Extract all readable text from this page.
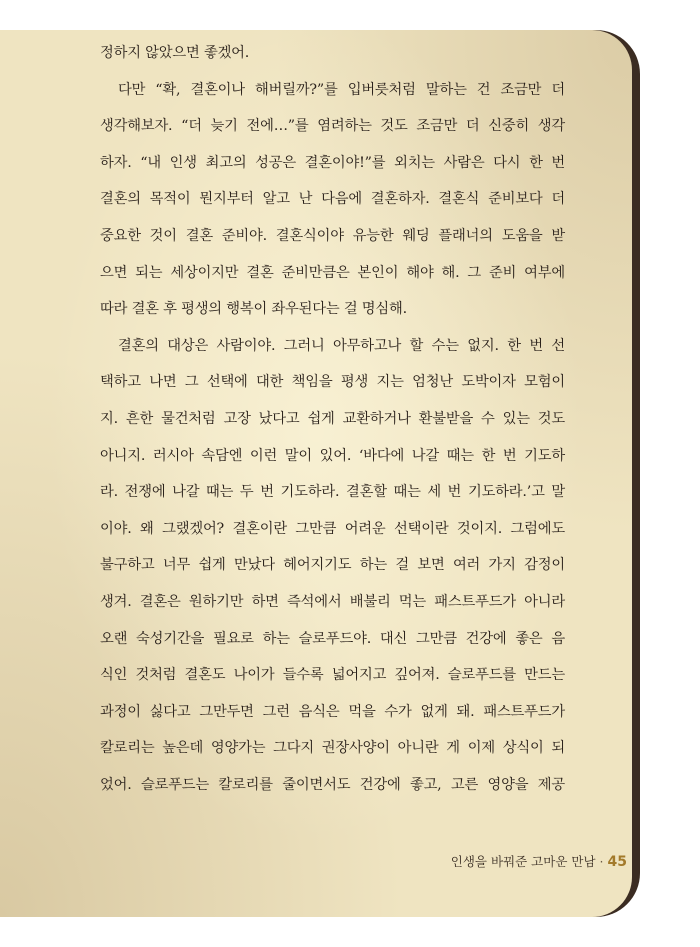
정하지 않았으면 좋겠어.
다만 “확, 결혼이나 해버릴까?”를 입버릇처럼 말하는 건 조금만 더
생각해보자. “더 늦기 전에…”를 염려하는 것도 조금만 더 신중히 생각
하자. “내 인생 최고의 성공은 결혼이야!”를 외치는 사람은 다시 한 번
결혼의 목적이 뭔지부터 알고 난 다음에 결혼하자. 결혼식 준비보다 더
중요한 것이 결혼 준비야. 결혼식이야 유능한 웨딩 플래너의 도움을 받
으면 되는 세상이지만 결혼 준비만큼은 본인이 해야 해. 그 준비 여부에
따라 결혼 후 평생의 행복이 좌우된다는 걸 명심해.
결혼의 대상은 사람이야. 그러니 아무하고나 할 수는 없지. 한 번 선
택하고 나면 그 선택에 대한 책임을 평생 지는 엄청난 도박이자 모험이
지. 흔한 물건처럼 고장 났다고 쉽게 교환하거나 환불받을 수 있는 것도
아니지. 러시아 속담엔 이런 말이 있어. ‘바다에 나갈 때는 한 번 기도하
라. 전쟁에 나갈 때는 두 번 기도하라. 결혼할 때는 세 번 기도하라.’고 말
이야. 왜 그랬겠어? 결혼이란 그만큼 어려운 선택이란 것이지. 그럼에도
불구하고 너무 쉽게 만났다 헤어지기도 하는 걸 보면 여러 가지 감정이
생겨. 결혼은 원하기만 하면 즉석에서 배불리 먹는 패스트푸드가 아니라
오랜 숙성기간을 필요로 하는 슬로푸드야. 대신 그만큼 건강에 좋은 음
식인 것처럼 결혼도 나이가 들수록 넓어지고 깊어져. 슬로푸드를 만드는
과정이 싫다고 그만두면 그런 음식은 먹을 수가 없게 돼. 패스트푸드가
칼로리는 높은데 영양가는 그다지 권장사양이 아니란 게 이제 상식이 되
었어. 슬로푸드는 칼로리를 줄이면서도 건강에 좋고, 고른 영양을 제공
인생을 바꿔준 고마운 만남 · 45
